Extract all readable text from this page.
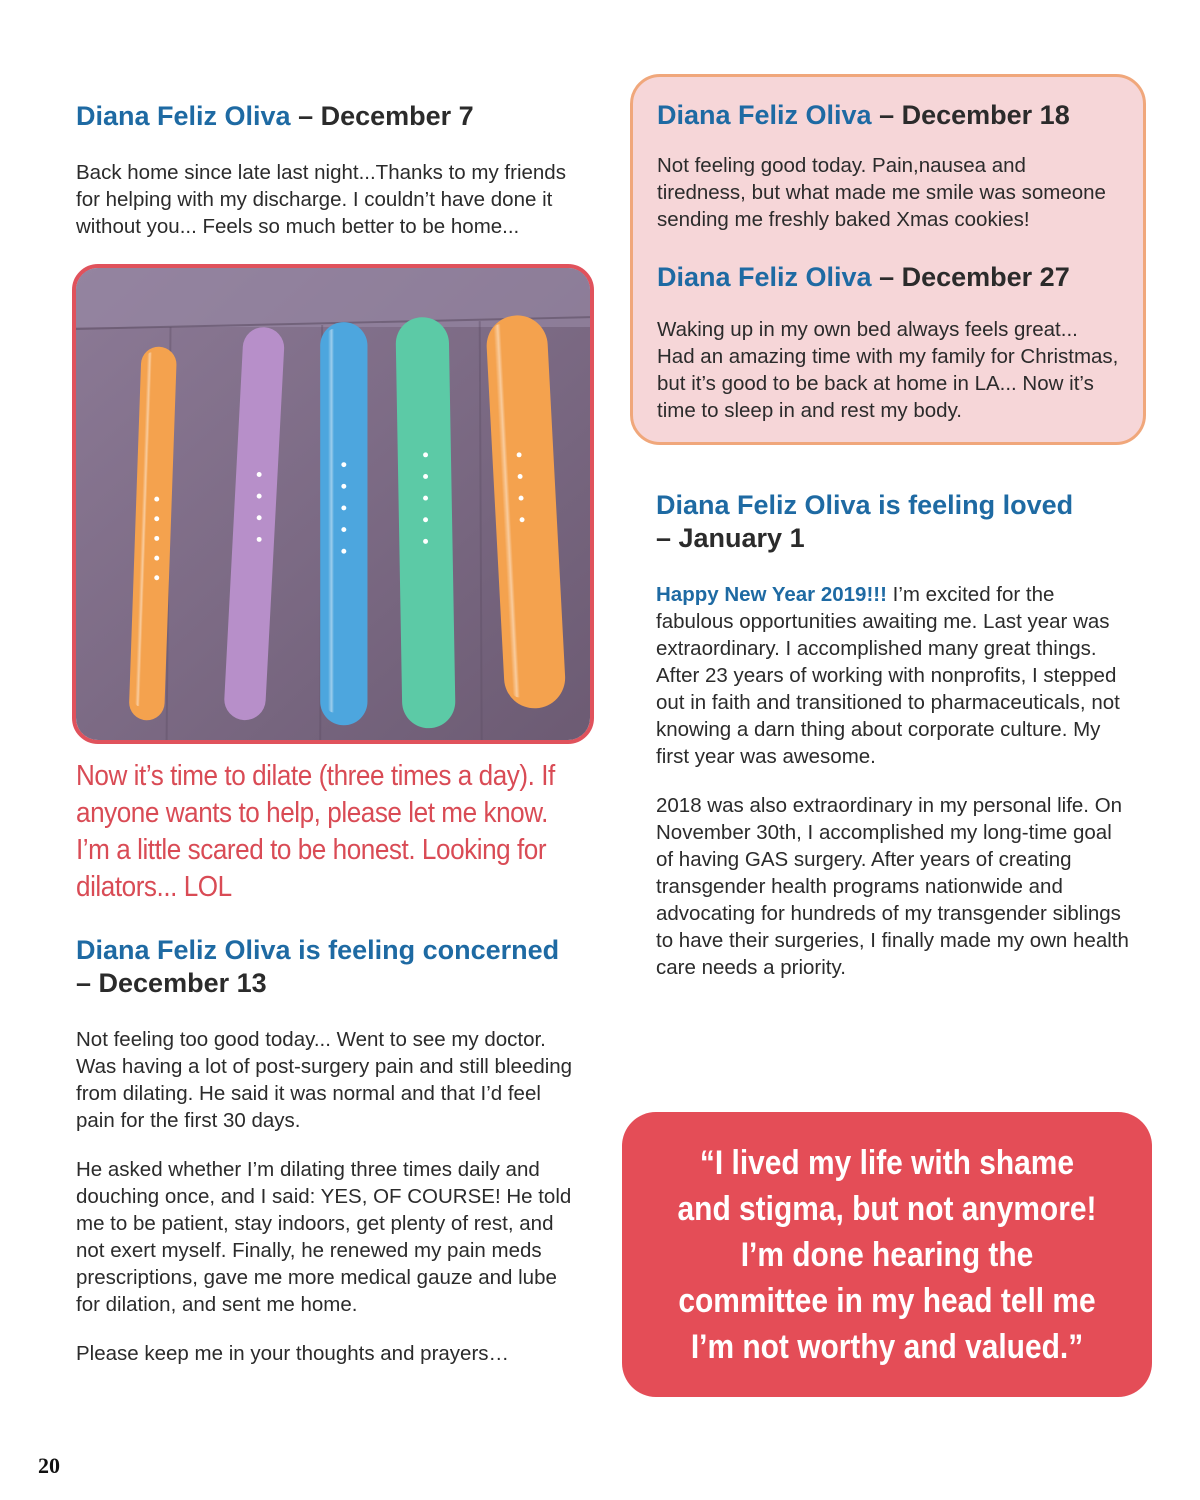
Diana Feliz Oliva – December 7

Back home since late last night...Thanks to my friends for helping with my discharge. I couldn’t have done it without you... Feels so much better to be home...

Now it’s time to dilate (three times a day). If anyone wants to help, please let me know. I’m a little scared to be honest. Looking for dilators... LOL

Diana Feliz Oliva is feeling concerned – December 13

Not feeling too good today... Went to see my doctor. Was having a lot of post-surgery pain and still bleeding from dilating. He said it was normal and that I’d feel pain for the first 30 days.

He asked whether I’m dilating three times daily and douching once, and I said: YES, OF COURSE! He told me to be patient, stay indoors, get plenty of rest, and not exert myself. Finally, he renewed my pain meds prescriptions, gave me more medical gauze and lube for dilation, and sent me home.

Please keep me in your thoughts and prayers…

Diana Feliz Oliva – December 18

Not feeling good today. Pain,nausea and tiredness, but what made me smile was someone sending me freshly baked Xmas cookies!

Diana Feliz Oliva – December 27

Waking up in my own bed always feels great... Had an amazing time with my family for Christmas, but it’s good to be back at home in LA... Now it’s time to sleep in and rest my body.

Diana Feliz Oliva is feeling loved
– January 1

Happy New Year 2019!!! I’m excited for the fabulous opportunities awaiting me. Last year was extraordinary. I accomplished many great things. After 23 years of working with nonprofits, I stepped out in faith and transitioned to pharmaceuticals, not knowing a darn thing about corporate culture. My first year was awesome.

2018 was also extraordinary in my personal life. On November 30th, I accomplished my long-time goal of having GAS surgery. After years of creating transgender health programs nationwide and advocating for hundreds of my transgender siblings to have their surgeries, I finally made my own health care needs a priority.

“I lived my life with shame and stigma, but not anymore! I’m done hearing the committee in my head tell me I’m not worthy and valued.”

20
